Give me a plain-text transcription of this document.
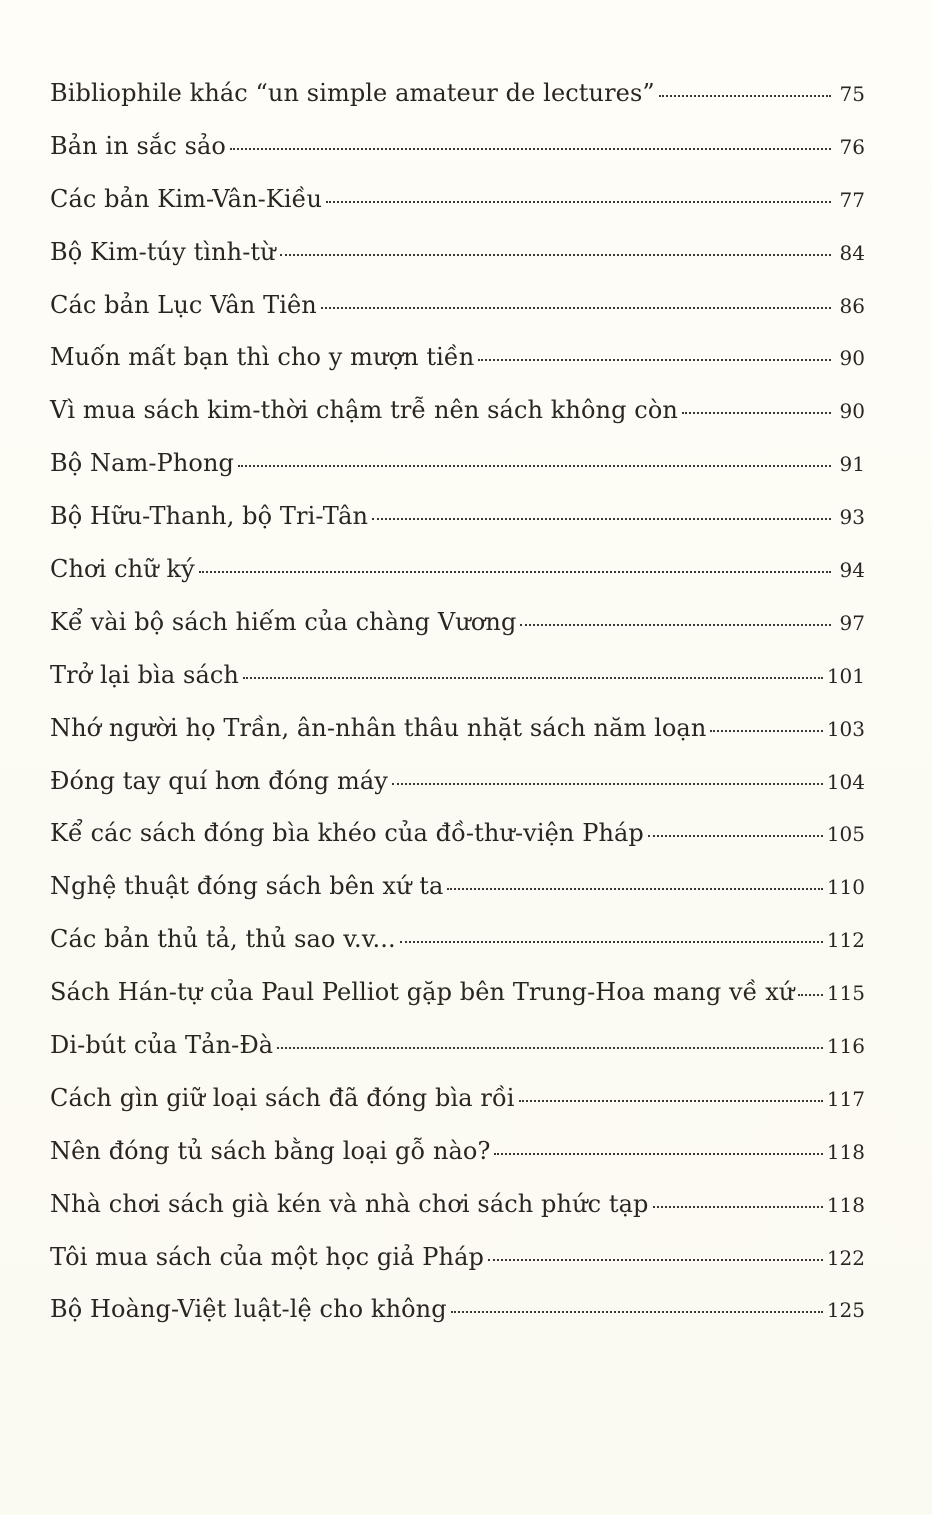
Bibliophile khác “un simple amateur de lectures”	75
Bản in sắc sảo	76
Các bản Kim-Vân-Kiều	77
Bộ Kim-túy tình-từ	84
Các bản Lục Vân Tiên	86
Muốn mất bạn thì cho y mượn tiền	90
Vì mua sách kim-thời chậm trễ nên sách không còn	90
Bộ Nam-Phong	91
Bộ Hữu-Thanh, bộ Tri-Tân	93
Chơi chữ ký	94
Kể vài bộ sách hiếm của chàng Vương	97
Trở lại bìa sách	101
Nhớ người họ Trần, ân-nhân thâu nhặt sách năm loạn	103
Đóng tay quí hơn đóng máy	104
Kể các sách đóng bìa khéo của đồ-thư-viện Pháp	105
Nghệ thuật đóng sách bên xứ ta	110
Các bản thủ tả, thủ sao v.v...	112
Sách Hán-tự của Paul Pelliot gặp bên Trung-Hoa mang về xứ 115
Di-bút của Tản-Đà	116
Cách gìn giữ loại sách đã đóng bìa rồi	117
Nên đóng tủ sách bằng loại gỗ nào?	118
Nhà chơi sách già kén và nhà chơi sách phức tạp	118
Tôi mua sách của một học giả Pháp	122
Bộ Hoàng-Việt luật-lệ cho không	125
